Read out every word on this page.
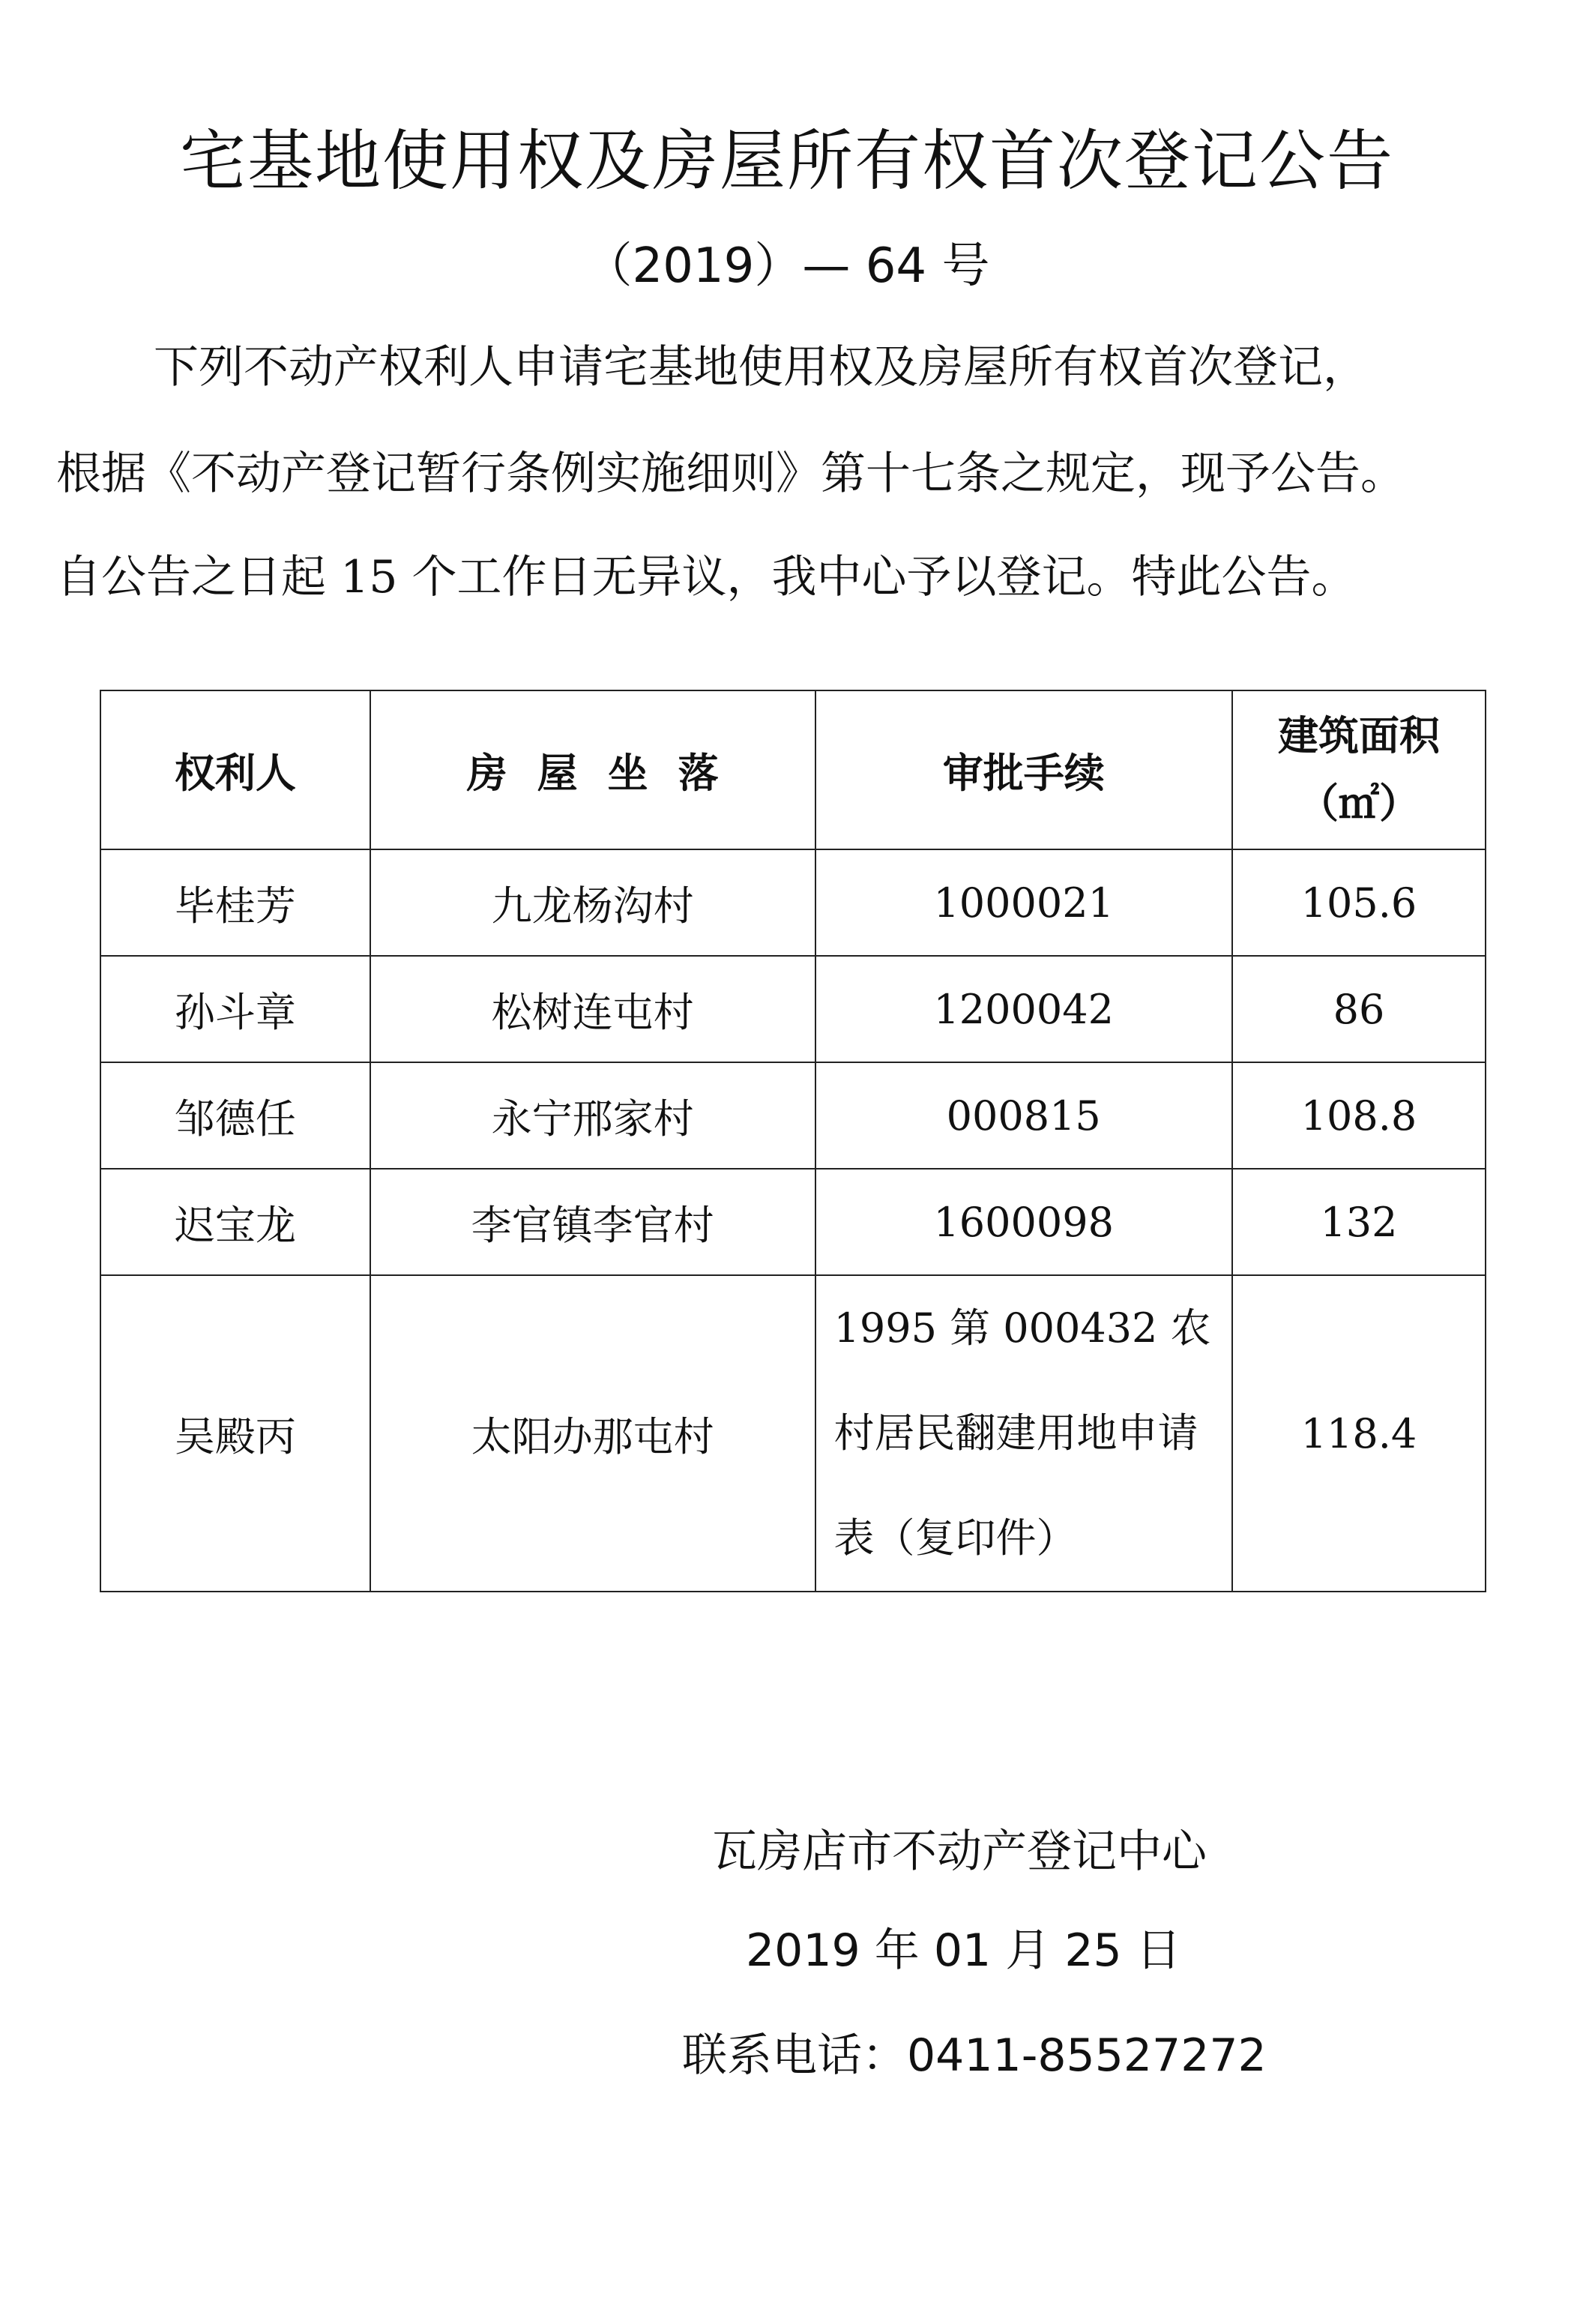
宅基地使用权及房屋所有权首次登记公告
（2019）— 64 号
下列不动产权利人申请宅基地使用权及房屋所有权首次登记，
根据《不动产登记暂行条例实施细则》第十七条之规定，现予公告。
自公告之日起 15 个工作日无异议，我中心予以登记。特此公告。
权利人	房屋坐落	审批手续	建筑面积
（㎡）

毕桂芳	九龙杨沟村	1000021	105.6
孙斗章	松树连屯村	1200042	86
邹德任	永宁邢家村	000815	108.8
迟宝龙	李官镇李官村	1600098	132
吴殿丙	太阳办那屯村	1995 第 000432 农村居民翻建用地申请表（复印件）	118.4
瓦房店市不动产登记中心
2019 年 01 月 25 日
联系电话：0411-85527272
